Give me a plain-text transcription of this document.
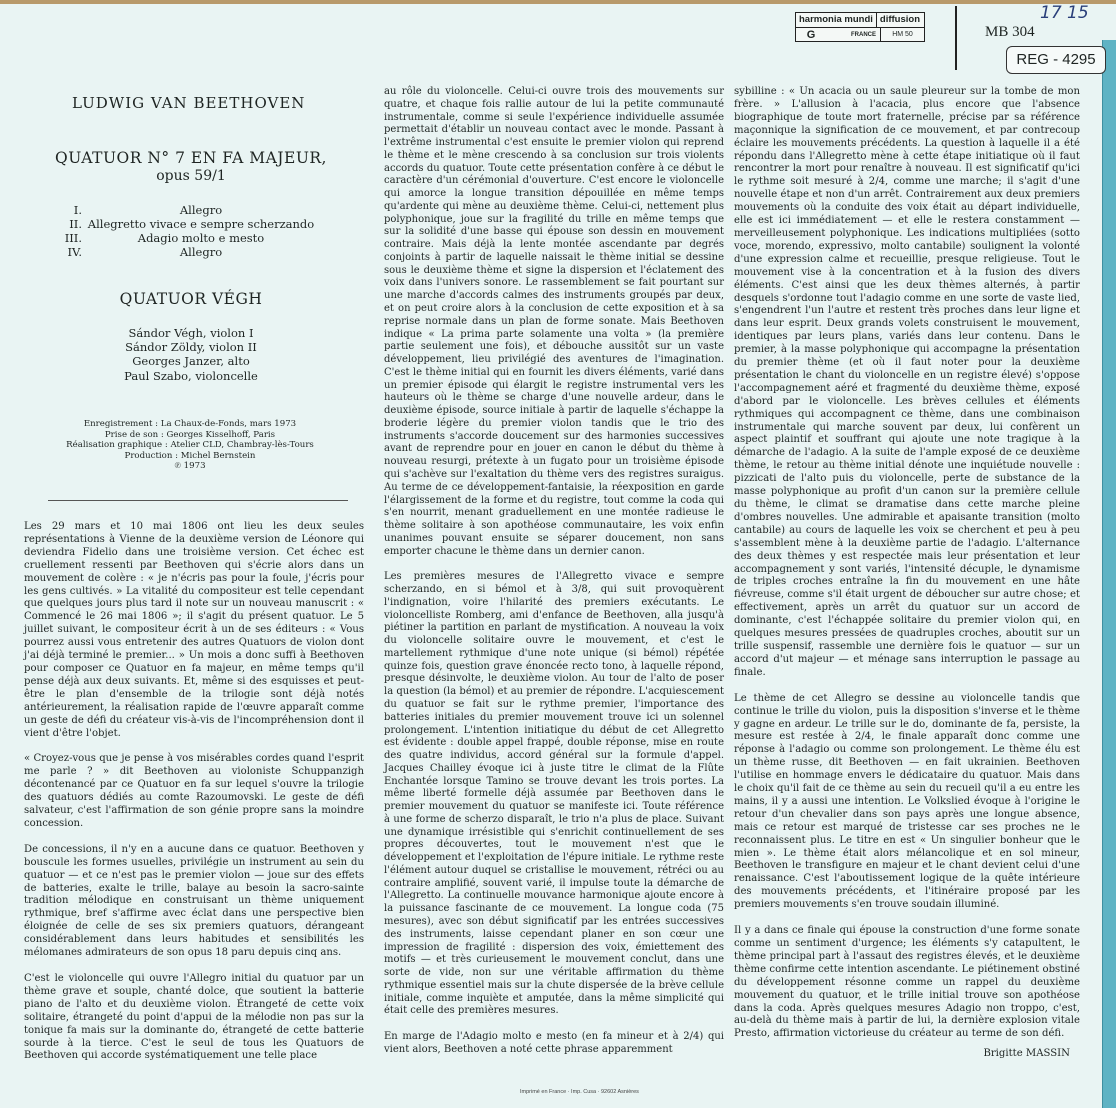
harmonia mundi diffusion
G	FRANCE	HM 50	MB 304
17 15
REG - 4295
LUDWIG VAN BEETHOVEN
QUATUOR N° 7 EN FA MAJEUR,
opus 59/1
I.	Allegro
II. Allegretto vivace e sempre scherzando
III.	Adagio molto e mesto
IV.	Allegro
QUATUOR VÉGH
Sándor Végh, violon I
Sándor Zöldy, violon II
Georges Janzer, alto
Paul Szabo, violoncelle
Enregistrement : La Chaux-de-Fonds, mars 1973
Prise de son : Georges Kisselhoff, Paris
Réalisation graphique : Atelier CLD, Chambray-lès-Tours
Production : Michel Bernstein
℗ 1973

Les 29 mars et 10 mai 1806 ont lieu les deux seules représentations à Vienne de la deuxième version de Léonore qui deviendra Fidelio dans une troisième version. Cet échec est cruellement ressenti par Beethoven qui s'écrie alors dans un mouvement de colère : « je n'écris pas pour la foule, j'écris pour les gens cultivés. » La vitalité du compositeur est telle cependant que quelques jours plus tard il note sur un nouveau manuscrit : « Commencé le 26 mai 1806 »; il s'agit du présent quatuor. Le 5 juillet suivant, le compositeur écrit à un de ses éditeurs : « Vous pourrez aussi vous entretenir des autres Quatuors de violon dont j'ai déjà terminé le premier... » Un mois a donc suffi à Beethoven pour composer ce Quatuor en fa majeur, en même temps qu'il pense déjà aux deux suivants. Et, même si des esquisses et peut-être le plan d'ensemble de la trilogie sont déjà notés antérieurement, la réalisation rapide de l'œuvre apparaît comme un geste de défi du créateur vis-à-vis de l'incompréhension dont il vient d'être l'objet.

« Croyez-vous que je pense à vos misérables cordes quand l'esprit me parle ? » dit Beethoven au violoniste Schuppanzigh décontenancé par ce Quatuor en fa sur lequel s'ouvre la trilogie des quatuors dédiés au comte Razoumovski. Le geste de défi salvateur, c'est l'affirmation de son génie propre sans la moindre concession.

De concessions, il n'y en a aucune dans ce quatuor. Beethoven y bouscule les formes usuelles, privilégie un instrument au sein du quatuor — et ce n'est pas le premier violon — joue sur des effets de batteries, exalte le trille, balaye au besoin la sacro-sainte tradition mélodique en construisant un thème uniquement rythmique, bref s'affirme avec éclat dans une perspective bien éloignée de celle de ses six premiers quatuors, dérangeant considérablement dans leurs habitudes et sensibilités les mélomanes admirateurs de son opus 18 paru depuis cinq ans.

C'est le violoncelle qui ouvre l'Allegro initial du quatuor par un thème grave et souple, chanté dolce, que soutient la batterie piano de l'alto et du deuxième violon. Étrangeté de cette voix solitaire, étrangeté du point d'appui de la mélodie non pas sur la tonique fa mais sur la dominante do, étrangeté de cette batterie sourde à la tierce. C'est le seul de tous les Quatuors de Beethoven qui accorde systématiquement une telle place

au rôle du violoncelle. Celui-ci ouvre trois des mouvements sur quatre, et chaque fois rallie autour de lui la petite communauté instrumentale, comme si seule l'expérience individuelle assumée permettait d'établir un nouveau contact avec le monde. Passant à l'extrême instrumental c'est ensuite le premier violon qui reprend le thème et le mène crescendo à sa conclusion sur trois violents accords du quatuor. Toute cette présentation confère à ce début le caractère d'un cérémonial d'ouverture. C'est encore le violoncelle qui amorce la longue transition dépouillée en même temps qu'ardente qui mène au deuxième thème. Celui-ci, nettement plus polyphonique, joue sur la fragilité du trille en même temps que sur la solidité d'une basse qui épouse son dessin en mouvement contraire. Mais déjà la lente montée ascendante par degrés conjoints à partir de laquelle naissait le thème initial se dessine sous le deuxième thème et signe la dispersion et l'éclatement des voix dans l'univers sonore. Le rassemblement se fait pourtant sur une marche d'accords calmes des instruments groupés par deux, et on peut croire alors à la conclusion de cette exposition et à sa reprise normale dans un plan de forme sonate. Mais Beethoven indique « La prima parte solamente una volta » (la première partie seulement une fois), et débouche aussitôt sur un vaste développement, lieu privilégié des aventures de l'imagination. C'est le thème initial qui en fournit les divers éléments, varié dans un premier épisode qui élargit le registre instrumental vers les hauteurs où le thème se charge d'une nouvelle ardeur, dans le deuxième épisode, source initiale à partir de laquelle s'échappe la broderie légère du premier violon tandis que le trio des instruments s'accorde doucement sur des harmonies successives avant de reprendre pour en jouer en canon le début du thème à nouveau resurgi, prétexte à un fugato pour un troisième épisode qui s'achève sur l'exaltation du thème vers des registres suraigus. Au terme de ce développement-fantaisie, la réexposition en garde l'élargissement de la forme et du registre, tout comme la coda qui s'en nourrit, menant graduellement en une montée radieuse le thème solitaire à son apothéose communautaire, les voix enfin unanimes pouvant ensuite se séparer doucement, non sans emporter chacune le thème dans un dernier canon.

Les premières mesures de l'Allegretto vivace e sempre scherzando, en si bémol et à 3/8, qui suit provoquèrent l'indignation, voire l'hilarité des premiers exécutants. Le violoncelliste Romberg, ami d'enfance de Beethoven, alla jusqu'à piétiner la partition en parlant de mystification. A nouveau la voix du violoncelle solitaire ouvre le mouvement, et c'est le martellement rythmique d'une note unique (si bémol) répétée quinze fois, question grave énoncée recto tono, à laquelle répond, presque désinvolte, le deuxième violon. Au tour de l'alto de poser la question (la bémol) et au premier de répondre. L'acquiescement du quatuor se fait sur le rythme premier, l'importance des batteries initiales du premier mouvement trouve ici un solennel prolongement. L'intention initiatique du début de cet Allegretto est évidente : double appel frappé, double réponse, mise en route des quatre individus, accord général sur la formule d'appel. Jacques Chailley évoque ici à juste titre le climat de la Flûte Enchantée lorsque Tamino se trouve devant les trois portes. La même liberté formelle déjà assumée par Beethoven dans le premier mouvement du quatuor se manifeste ici. Toute référence à une forme de scherzo disparaît, le trio n'a plus de place. Suivant une dynamique irrésistible qui s'enrichit continuellement de ses propres découvertes, tout le mouvement n'est que le développement et l'exploitation de l'épure initiale. Le rythme reste l'élément autour duquel se cristallise le mouvement, rétréci ou au contraire amplifié, souvent varié, il impulse toute la démarche de l'Allegretto. La continuelle mouvance harmonique ajoute encore à la puissance fascinante de ce mouvement. La longue coda (75 mesures), avec son début significatif par les entrées successives des instruments, laisse cependant planer en son cœur une impression de fragilité : dispersion des voix, émiettement des motifs — et très curieusement le mouvement conclut, dans une sorte de vide, non sur une véritable affirmation du thème rythmique essentiel mais sur la chute dispersée de la brève cellule initiale, comme inquiète et amputée, dans la même simplicité qui était celle des premières mesures.

En marge de l'Adagio molto e mesto (en fa mineur et à 2/4) qui vient alors, Beethoven a noté cette phrase apparemment

sybilline : « Un acacia ou un saule pleureur sur la tombe de mon frère. » L'allusion à l'acacia, plus encore que l'absence biographique de toute mort fraternelle, précise par sa référence maçonnique la signification de ce mouvement, et par contrecoup éclaire les mouvements précédents. La question à laquelle il a été répondu dans l'Allegretto mène à cette étape initiatique où il faut rencontrer la mort pour renaître à nouveau. Il est significatif qu'ici le rythme soit mesuré à 2/4, comme une marche; il s'agit d'une nouvelle étape et non d'un arrêt. Contrairement aux deux premiers mouvements où la conduite des voix était au départ individuelle, elle est ici immédiatement — et elle le restera constamment — merveilleusement polyphonique. Les indications multipliées (sotto voce, morendo, expressivo, molto cantabile) soulignent la volonté d'une expression calme et recueillie, presque religieuse. Tout le mouvement vise à la concentration et à la fusion des divers éléments. C'est ainsi que les deux thèmes alternés, à partir desquels s'ordonne tout l'adagio comme en une sorte de vaste lied, s'engendrent l'un l'autre et restent très proches dans leur ligne et dans leur esprit. Deux grands volets construisent le mouvement, identiques par leurs plans, variés dans leur contenu. Dans le premier, à la masse polyphonique qui accompagne la présentation du premier thème (et où il faut noter pour la deuxième présentation le chant du violoncelle en un registre élevé) s'oppose l'accompagnement aéré et fragmenté du deuxième thème, exposé d'abord par le violoncelle. Les brèves cellules et éléments rythmiques qui accompagnent ce thème, dans une combinaison instrumentale qui marche souvent par deux, lui confèrent un aspect plaintif et souffrant qui ajoute une note tragique à la démarche de l'adagio. A la suite de l'ample exposé de ce deuxième thème, le retour au thème initial dénote une inquiétude nouvelle : pizzicati de l'alto puis du violoncelle, perte de substance de la masse polyphonique au profit d'un canon sur la première cellule du thème, le climat se dramatise dans cette marche pleine d'ombres nouvelles. Une admirable et apaisante transition (molto cantabile) au cours de laquelle les voix se cherchent et peu à peu s'assemblent mène à la deuxième partie de l'adagio. L'alternance des deux thèmes y est respectée mais leur présentation et leur accompagnement y sont variés, l'intensité décuple, le dynamisme de triples croches entraîne la fin du mouvement en une hâte fiévreuse, comme s'il était urgent de déboucher sur autre chose; et effectivement, après un arrêt du quatuor sur un accord de dominante, c'est l'échappée solitaire du premier violon qui, en quelques mesures pressées de quadruples croches, aboutit sur un trille suspensif, rassemble une dernière fois le quatuor — sur un accord d'ut majeur — et ménage sans interruption le passage au finale.

Le thème de cet Allegro se dessine au violoncelle tandis que continue le trille du violon, puis la disposition s'inverse et le thème y gagne en ardeur. Le trille sur le do, dominante de fa, persiste, la mesure est restée à 2/4, le finale apparaît donc comme une réponse à l'adagio ou comme son prolongement. Le thème élu est un thème russe, dit Beethoven — en fait ukrainien. Beethoven l'utilise en hommage envers le dédicataire du quatuor. Mais dans le choix qu'il fait de ce thème au sein du recueil qu'il a eu entre les mains, il y a aussi une intention. Le Volkslied évoque à l'origine le retour d'un chevalier dans son pays après une longue absence, mais ce retour est marqué de tristesse car ses proches ne le reconnaissent plus. Le titre en est « Un singulier bonheur que le mien ». Le thème était alors mélancolique et en sol mineur, Beethoven le transfigure en majeur et le chant devient celui d'une renaissance. C'est l'aboutissement logique de la quête intérieure des mouvements précédents, et l'itinéraire proposé par les premiers mouvements s'en trouve soudain illuminé.

Il y a dans ce finale qui épouse la construction d'une forme sonate comme un sentiment d'urgence; les éléments s'y catapultent, le thème principal part à l'assaut des registres élevés, et le deuxième thème confirme cette intention ascendante. Le piétinement obstiné du développement résonne comme un rappel du deuxième mouvement du quatuor, et le trille initial trouve son apothéose dans la coda. Après quelques mesures Adagio non troppo, c'est, au-delà du thème mais à partir de lui, la dernière explosion vitale Presto, affirmation victorieuse du créateur au terme de son défi.

Brigitte MASSIN
Imprimé en France · Imp. Cusa · 92602 Asnières
